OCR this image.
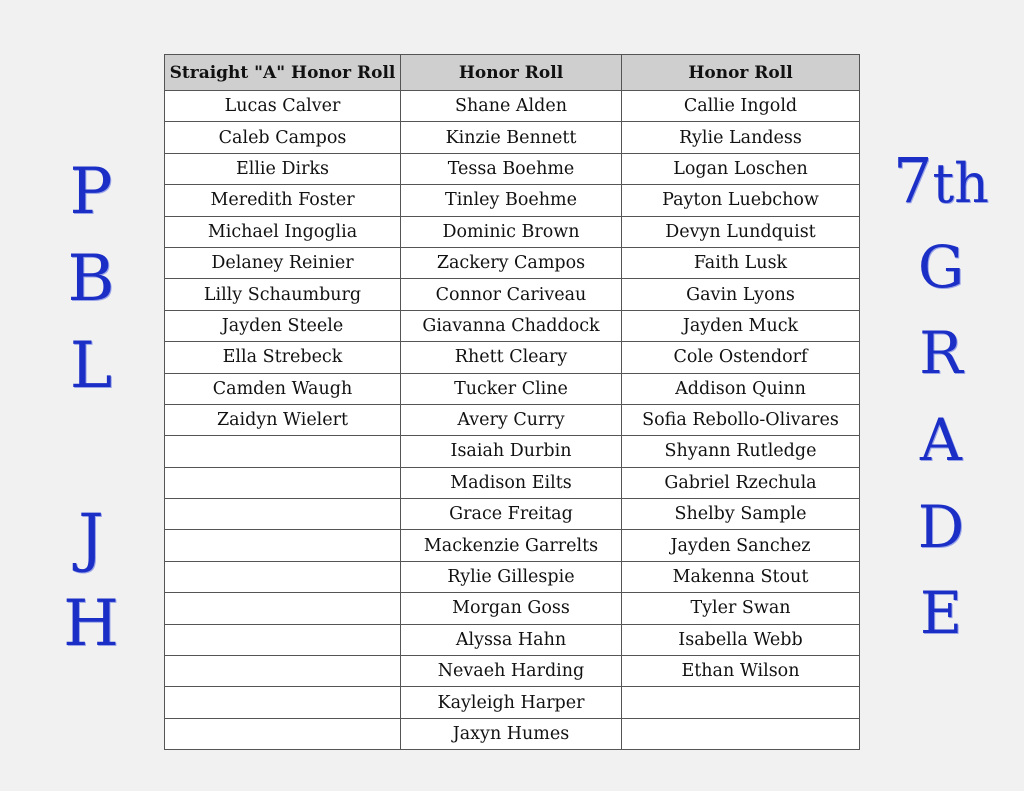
P
B
L
J
H
7th
G
R
A
D
E
Straight "A" Honor Roll	Honor Roll	Honor Roll
Lucas Calver	Shane Alden	Callie Ingold
Caleb Campos	Kinzie Bennett	Rylie Landess
Ellie Dirks	Tessa Boehme	Logan Loschen
Meredith Foster	Tinley Boehme	Payton Luebchow
Michael Ingoglia	Dominic Brown	Devyn Lundquist
Delaney Reinier	Zackery Campos	Faith Lusk
Lilly Schaumburg	Connor Cariveau	Gavin Lyons
Jayden Steele	Giavanna Chaddock	Jayden Muck
Ella Strebeck	Rhett Cleary	Cole Ostendorf
Camden Waugh	Tucker Cline	Addison Quinn
Zaidyn Wielert	Avery Curry	Sofia Rebollo-Olivares
	Isaiah Durbin	Shyann Rutledge
	Madison Eilts	Gabriel Rzechula
	Grace Freitag	Shelby Sample
	Mackenzie Garrelts	Jayden Sanchez
	Rylie Gillespie	Makenna Stout
	Morgan Goss	Tyler Swan
	Alyssa Hahn	Isabella Webb
	Nevaeh Harding	Ethan Wilson
	Kayleigh Harper	
	Jaxyn Humes	
